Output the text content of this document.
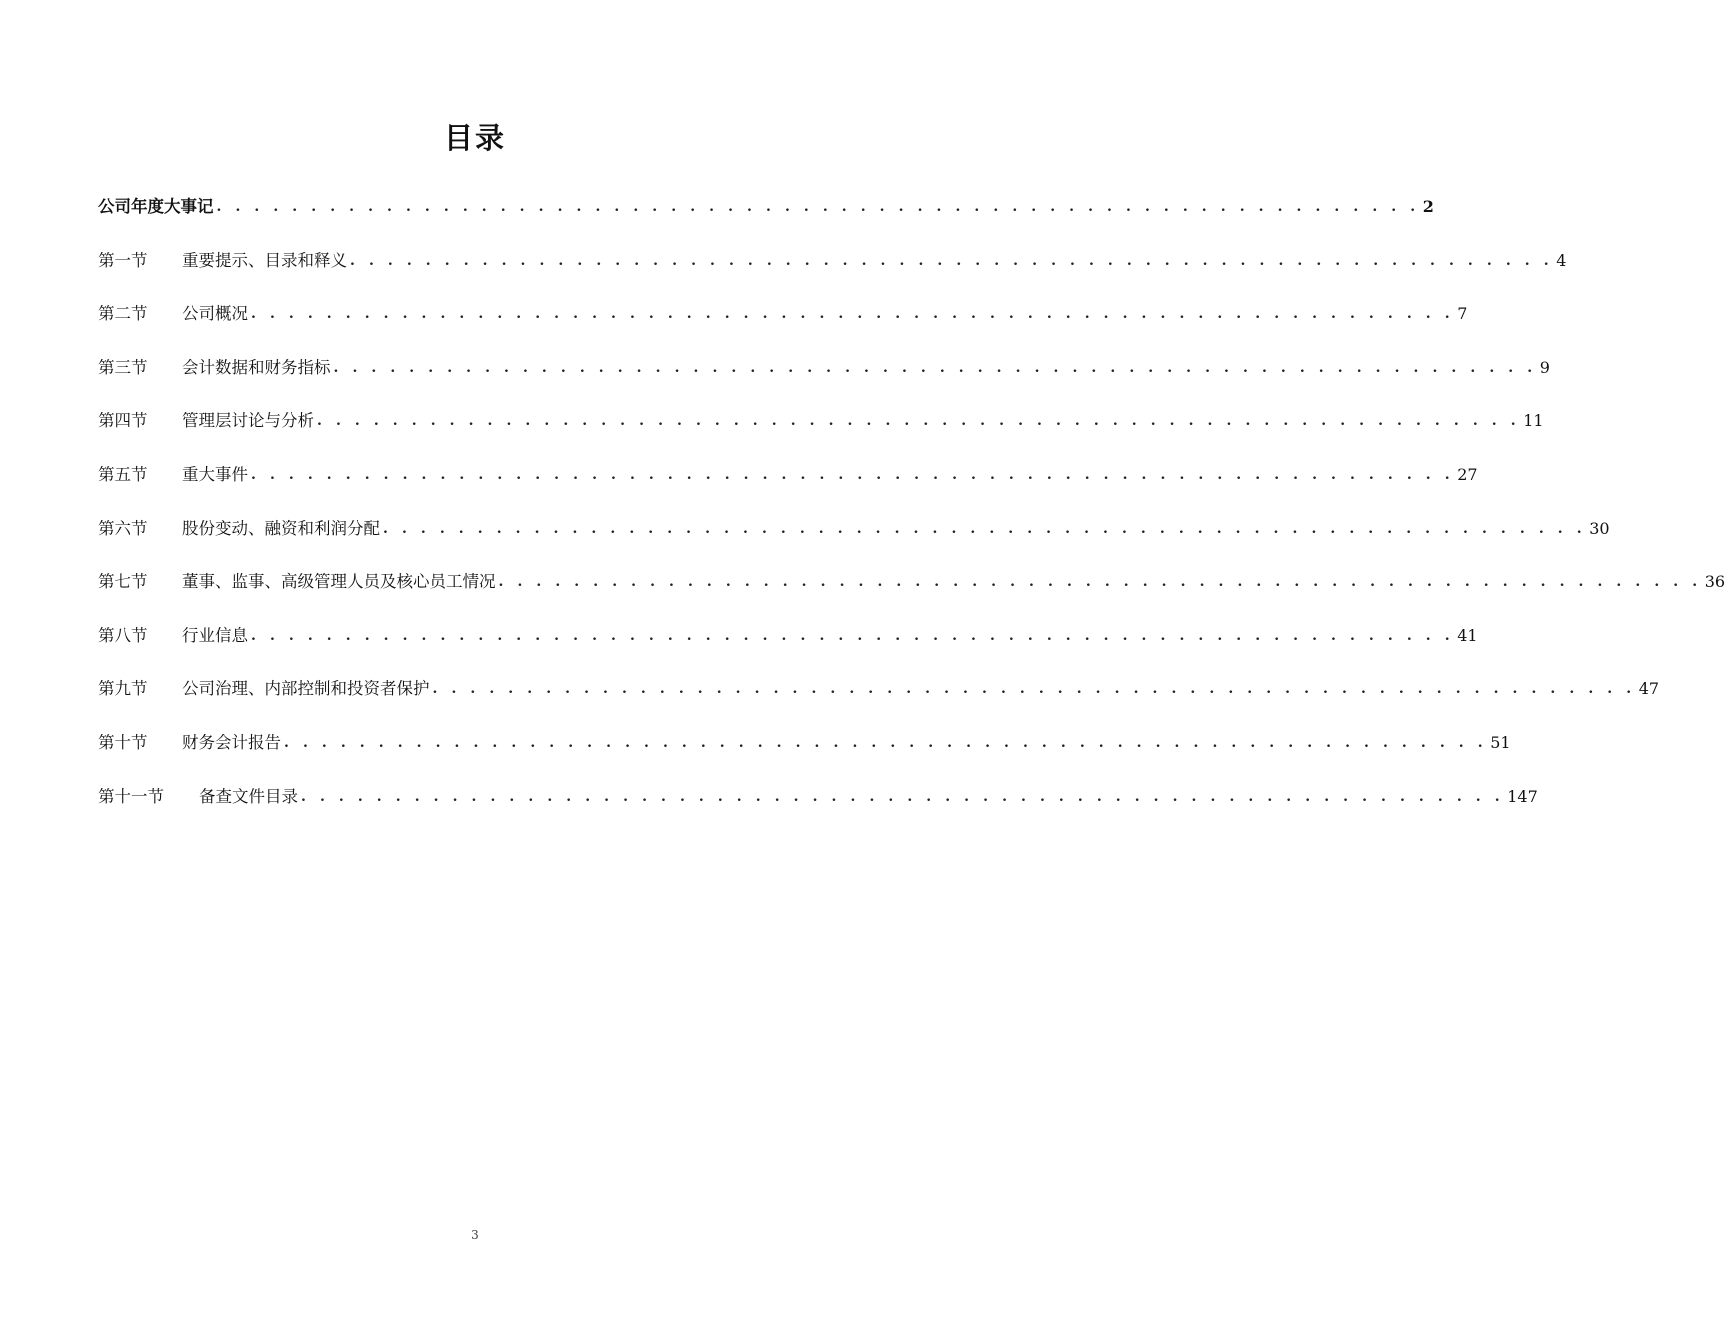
目录
公司年度大事记 . . . . . . . . . . . . . . . . . . . . . . . . . . . . . . . . . . . . . . . . . . . . . . . . . . . . . . . . . . . . . . . . 2
第一节	重要提示、目录和释义 . . . . . . . . . . . . . . . . . . . . . . . . . . . . . . . . . . . . . . . . . . . . . . . . . . . . . . . . . . . . . . . . 4
第二节	公司概况 . . . . . . . . . . . . . . . . . . . . . . . . . . . . . . . . . . . . . . . . . . . . . . . . . . . . . . . . . . . . . . . . 7
第三节	会计数据和财务指标 . . . . . . . . . . . . . . . . . . . . . . . . . . . . . . . . . . . . . . . . . . . . . . . . . . . . . . . . . . . . . . . . 9
第四节	管理层讨论与分析 . . . . . . . . . . . . . . . . . . . . . . . . . . . . . . . . . . . . . . . . . . . . . . . . . . . . . . . . . . . . . . . . 11
第五节	重大事件 . . . . . . . . . . . . . . . . . . . . . . . . . . . . . . . . . . . . . . . . . . . . . . . . . . . . . . . . . . . . . . . . 27
第六节	股份变动、融资和利润分配 . . . . . . . . . . . . . . . . . . . . . . . . . . . . . . . . . . . . . . . . . . . . . . . . . . . . . . . . . . . . . . . . 30
第七节	董事、监事、高级管理人员及核心员工情况 . . . . . . . . . . . . . . . . . . . . . . . . . . . . . . . . . . . . . . . . . . . . . . . . . . . . . . . . . . . . . . . . 36
第八节	行业信息 . . . . . . . . . . . . . . . . . . . . . . . . . . . . . . . . . . . . . . . . . . . . . . . . . . . . . . . . . . . . . . . . 41
第九节	公司治理、内部控制和投资者保护 . . . . . . . . . . . . . . . . . . . . . . . . . . . . . . . . . . . . . . . . . . . . . . . . . . . . . . . . . . . . . . . . 47
第十节	财务会计报告 . . . . . . . . . . . . . . . . . . . . . . . . . . . . . . . . . . . . . . . . . . . . . . . . . . . . . . . . . . . . . . . . 51
第十一节	备查文件目录 . . . . . . . . . . . . . . . . . . . . . . . . . . . . . . . . . . . . . . . . . . . . . . . . . . . . . . . . . . . . . . . . 147
3
